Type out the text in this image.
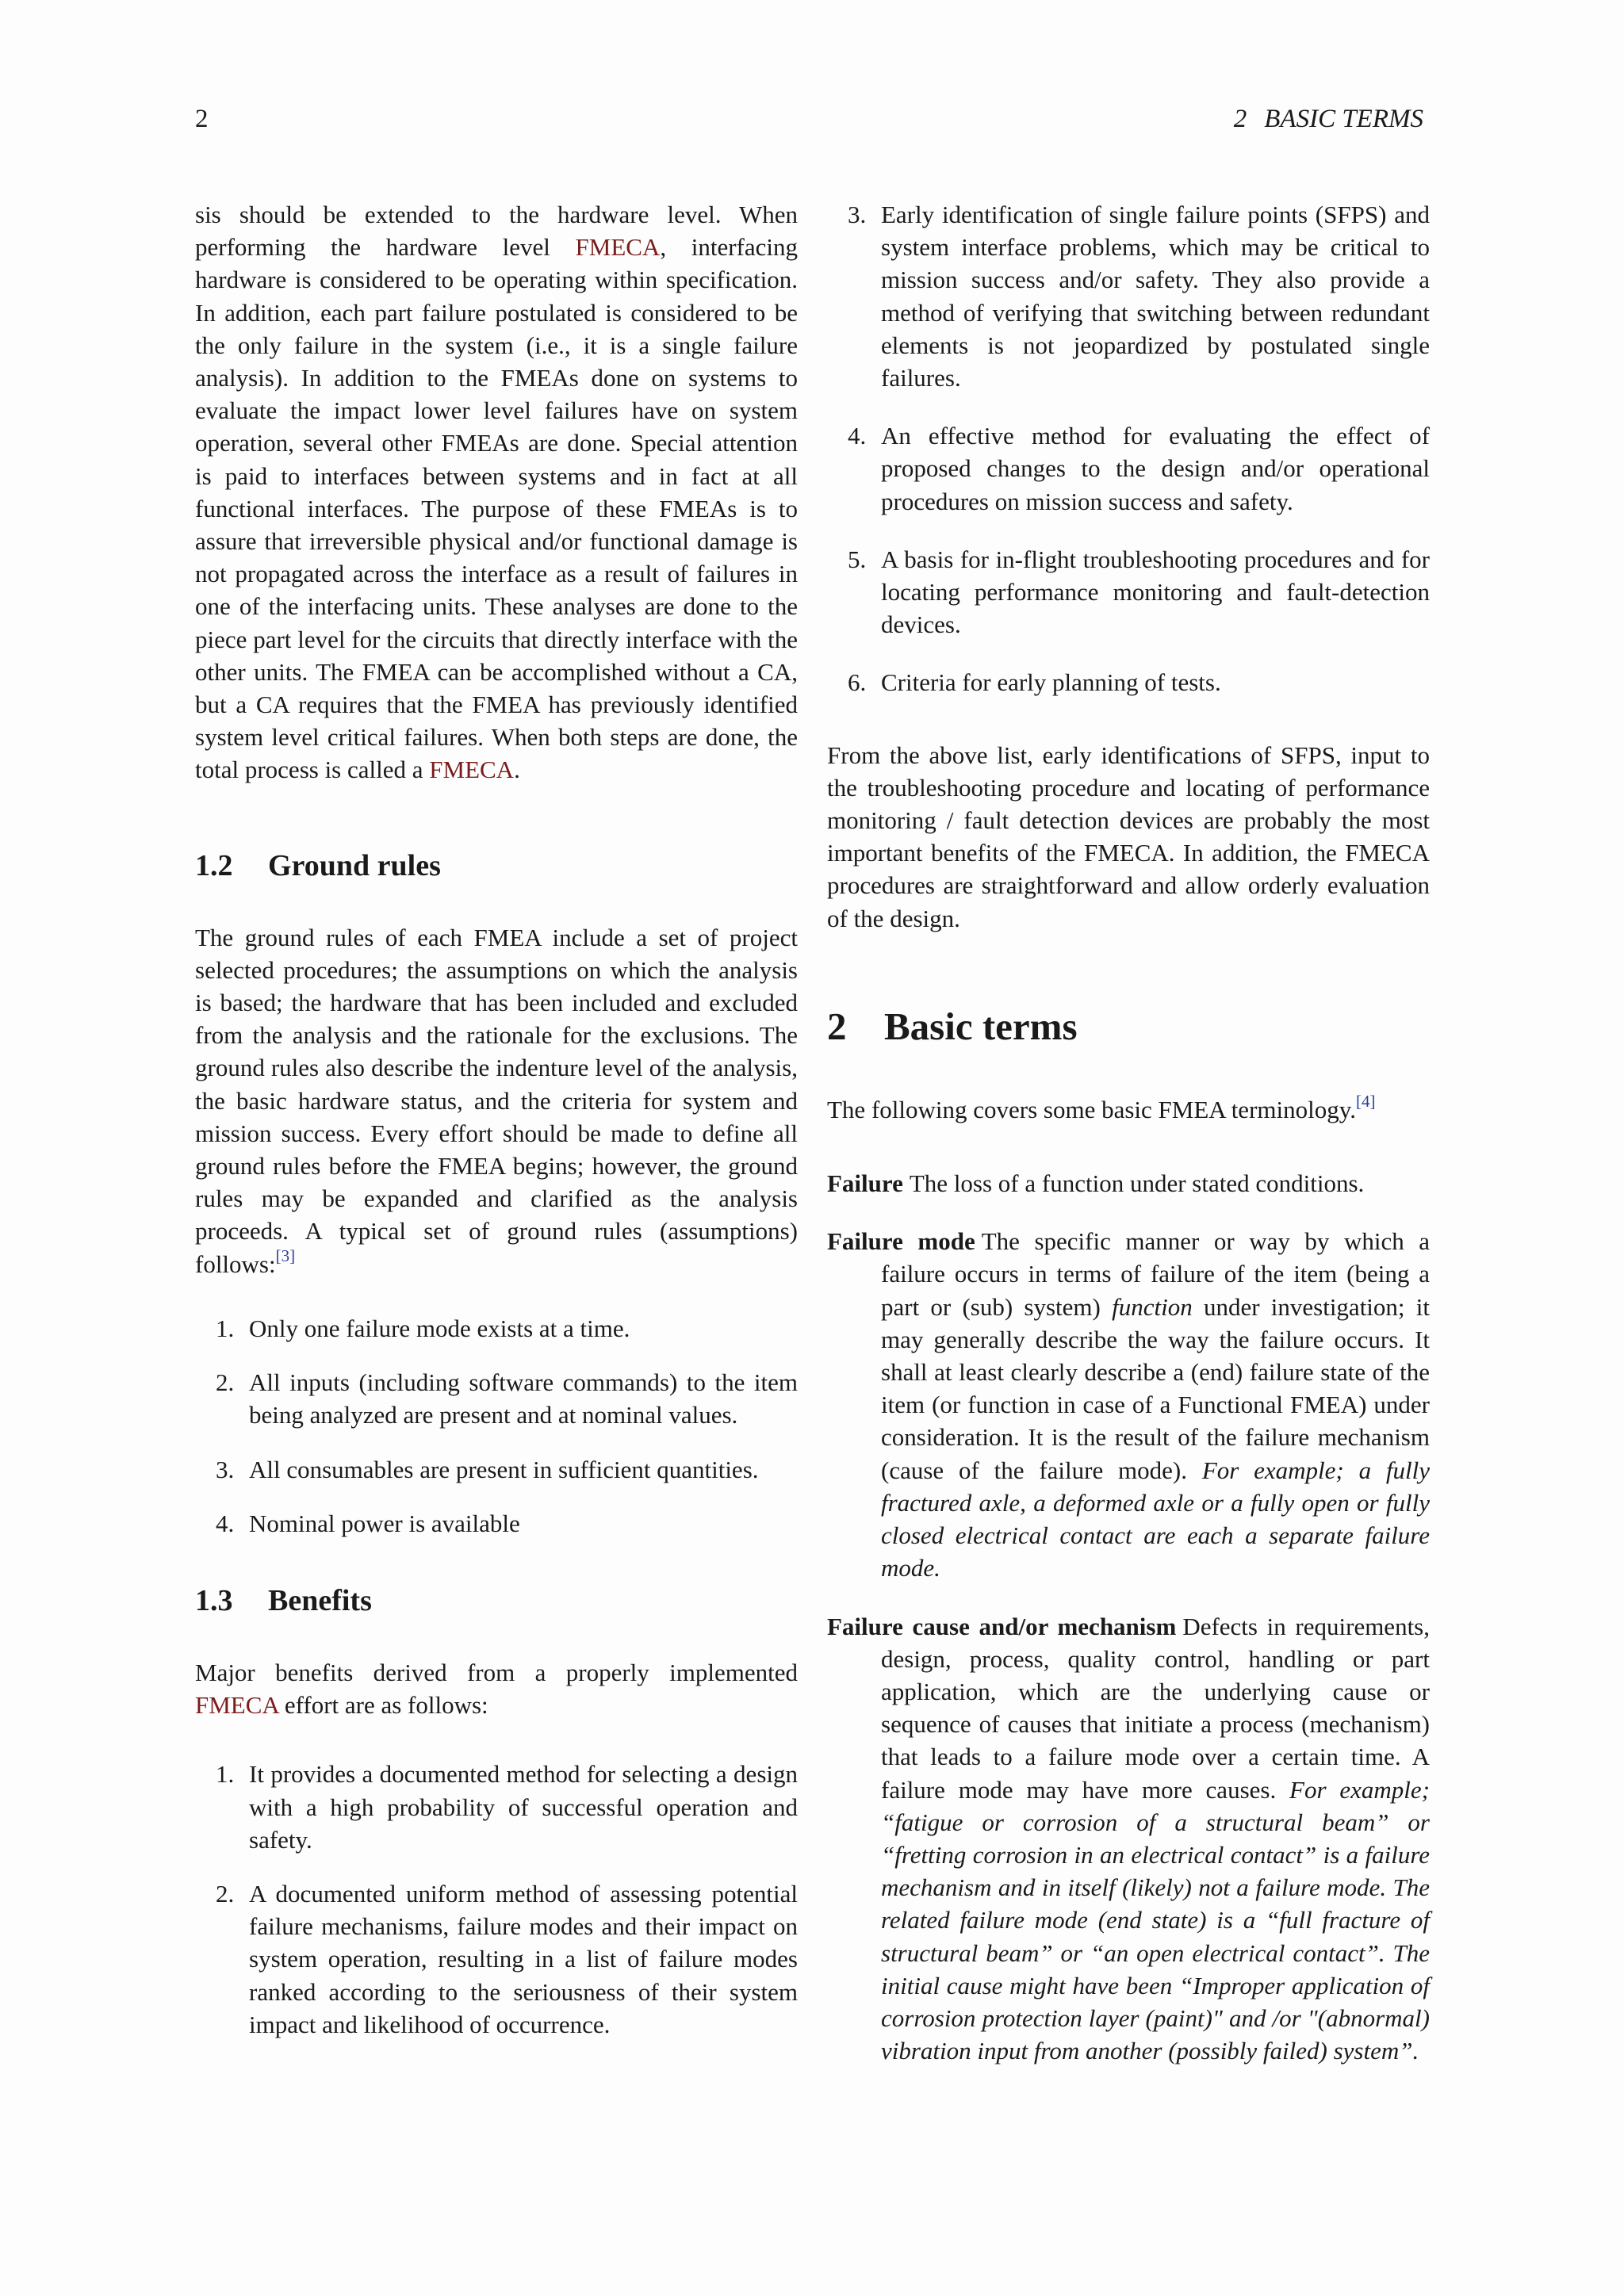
2	2 BASIC TERMS

sis should be extended to the hardware level. When performing the hardware level FMECA, interfacing hardware is considered to be operating within specification. In addition, each part failure postulated is considered to be the only failure in the system (i.e., it is a single failure analysis). In addition to the FMEAs done on systems to evaluate the impact lower level failures have on system operation, several other FMEAs are done. Special attention is paid to interfaces between systems and in fact at all functional interfaces. The purpose of these FMEAs is to assure that irreversible physical and/or functional damage is not propagated across the interface as a result of failures in one of the interfacing units. These analyses are done to the piece part level for the circuits that directly interface with the other units. The FMEA can be accomplished without a CA, but a CA requires that the FMEA has previously identified system level critical failures. When both steps are done, the total process is called a FMECA.

1.2 Ground rules

The ground rules of each FMEA include a set of project selected procedures; the assumptions on which the analysis is based; the hardware that has been included and excluded from the analysis and the rationale for the exclusions. The ground rules also describe the indenture level of the analysis, the basic hardware status, and the criteria for system and mission success. Every effort should be made to define all ground rules before the FMEA begins; however, the ground rules may be expanded and clarified as the analysis proceeds. A typical set of ground rules (assumptions) follows:[3]

1. Only one failure mode exists at a time.
2. All inputs (including software commands) to the item being analyzed are present and at nominal values.
3. All consumables are present in sufficient quantities.
4. Nominal power is available
1.3 Benefits

Major benefits derived from a properly implemented FMECA effort are as follows:

1. It provides a documented method for selecting a design with a high probability of successful operation and safety.
2. A documented uniform method of assessing potential failure mechanisms, failure modes and their impact on system operation, resulting in a list of failure modes ranked according to the seriousness of their system impact and likelihood of occurrence.
3. Early identification of single failure points (SFPS) and system interface problems, which may be critical to mission success and/or safety. They also provide a method of verifying that switching between redundant elements is not jeopardized by postulated single failures.
4. An effective method for evaluating the effect of proposed changes to the design and/or operational procedures on mission success and safety.
5. A basis for in-flight troubleshooting procedures and for locating performance monitoring and fault-detection devices.
6. Criteria for early planning of tests.

From the above list, early identifications of SFPS, input to the troubleshooting procedure and locating of performance monitoring / fault detection devices are probably the most important benefits of the FMECA. In addition, the FMECA procedures are straightforward and allow orderly evaluation of the design.

2 Basic terms

The following covers some basic FMEA terminology.[4]

Failure The loss of a function under stated conditions.

Failure mode The specific manner or way by which a failure occurs in terms of failure of the item (being a part or (sub) system) function under investigation; it may generally describe the way the failure occurs. It shall at least clearly describe a (end) failure state of the item (or function in case of a Functional FMEA) under consideration. It is the result of the failure mechanism (cause of the failure mode). For example; a fully fractured axle, a deformed axle or a fully open or fully closed electrical contact are each a separate failure mode.

Failure cause and/or mechanism Defects in requirements, design, process, quality control, handling or part application, which are the underlying cause or sequence of causes that initiate a process (mechanism) that leads to a failure mode over a certain time. A failure mode may have more causes. For example; “fatigue or corrosion of a structural beam” or “fretting corrosion in an electrical contact” is a failure mechanism and in itself (likely) not a failure mode. The related failure mode (end state) is a “full fracture of structural beam” or “an open electrical contact”. The initial cause might have been “Improper application of corrosion protection layer (paint)" and /or "(abnormal) vibration input from another (possibly failed) system”.
